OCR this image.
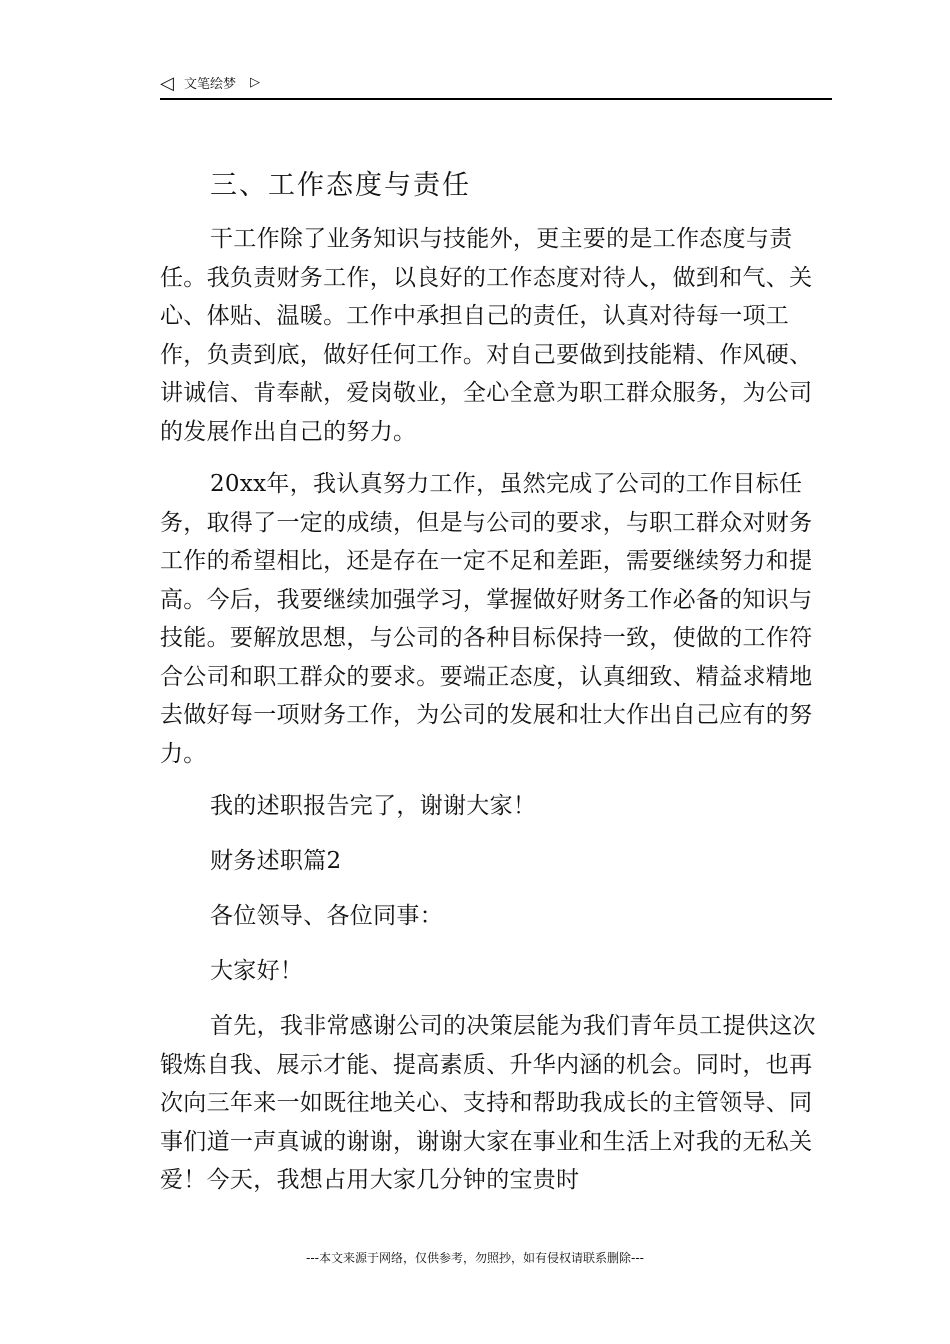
◁ 文笔绘梦 ▷
三、工作态度与责任

干工作除了业务知识与技能外，更主要的是工作态度与责任。我负责财务工作，以良好的工作态度对待人，做到和气、关心、体贴、温暖。工作中承担自己的责任，认真对待每一项工作，负责到底，做好任何工作。对自己要做到技能精、作风硬、讲诚信、肯奉献，爱岗敬业，全心全意为职工群众服务，为公司的发展作出自己的努力。

20xx年，我认真努力工作，虽然完成了公司的工作目标任务，取得了一定的成绩，但是与公司的要求，与职工群众对财务工作的希望相比，还是存在一定不足和差距，需要继续努力和提高。今后，我要继续加强学习，掌握做好财务工作必备的知识与技能。要解放思想，与公司的各种目标保持一致，使做的工作符合公司和职工群众的要求。要端正态度，认真细致、精益求精地去做好每一项财务工作，为公司的发展和壮大作出自己应有的努力。

我的述职报告完了，谢谢大家！
财务述职篇2
各位领导、各位同事：
大家好！

首先，我非常感谢公司的决策层能为我们青年员工提供这次锻炼自我、展示才能、提高素质、升华内涵的机会。同时，也再次向三年来一如既往地关心、支持和帮助我成长的主管领导、同事们道一声真诚的谢谢，谢谢大家在事业和生活上对我的无私关爱！今天，我想占用大家几分钟的宝贵时

---本文来源于网络，仅供参考，勿照抄，如有侵权请联系删除---
